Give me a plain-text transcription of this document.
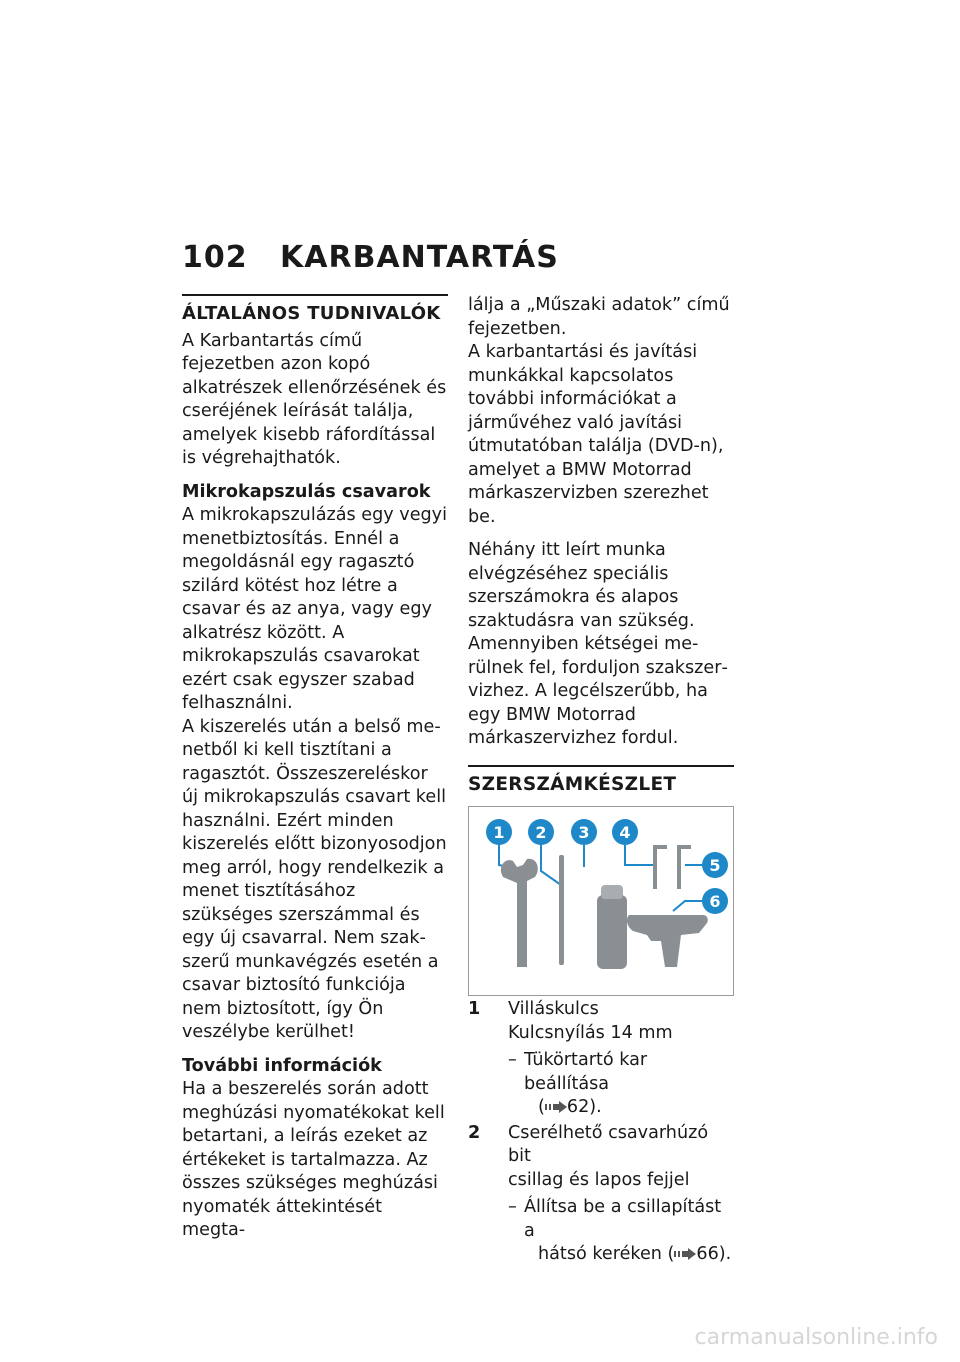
102 KARBANTARTÁS
ÁLTALÁNOS TUDNIVALÓK

A Karbantartás című fejezetben azon kopó alkatrészek ellenőrzésének és cseréjének leírását találja, amelyek kisebb ráfordítással is végrehajthatók.

Mikrokapszulás csavarok

A mikrokapszulázás egy vegyi menetbiztosítás. Ennél a megoldásnál egy ragasztó szilárd kötést hoz létre a csavar és az anya, vagy egy alkatrész között. A mikrokapszulás csavarokat ezért csak egyszer szabad felhasználni.

A kiszerelés után a belső menetből ki kell tisztítani a ragasztót. Összeszereléskor új mikrokapszulás csavart kell használni. Ezért minden kiszerelés előtt bizonyosodjon meg arról, hogy rendelkezik a menet tisztításához szükséges szerszámmal és egy új csavarral. Nem szakszerű munkavégzés esetén a csavar biztosító funkciója nem biztosított, így Ön veszélybe kerülhet!

További információk

Ha a beszerelés során adott meghúzási nyomatékokat kell betartani, a leírás ezeket az értékeket is tartalmazza. Az összes szükséges meghúzási nyomaték áttekintését megta-

lálja a „Műszaki adatok” című fejezetben.

A karbantartási és javítási munkákkal kapcsolatos további információkat a járművéhez való javítási útmutatóban találja (DVD-n), amelyet a BMW Motorrad márkaszervizben szerezhet be.

Néhány itt leírt munka elvégzéséhez speciális szerszámokra és alapos szaktudásra van szükség. Amennyiben kétségei merülnek fel, forduljon szakszervizhez. A legcélszerűbb, ha egy BMW Motorrad márkaszervizhez fordul.

SZERSZÁMKÉSZLET
1 2 3 4
5
6
1 Villáskulcs
Kulcsnyílás 14 mm
– Tükörtartó kar beállítása
( 62).
2 Cserélhető csavarhúzó bit
csillag és lapos fejjel
– Állítsa be a csillapítást a
hátsó keréken ( 66).
carmanualsonline.info
